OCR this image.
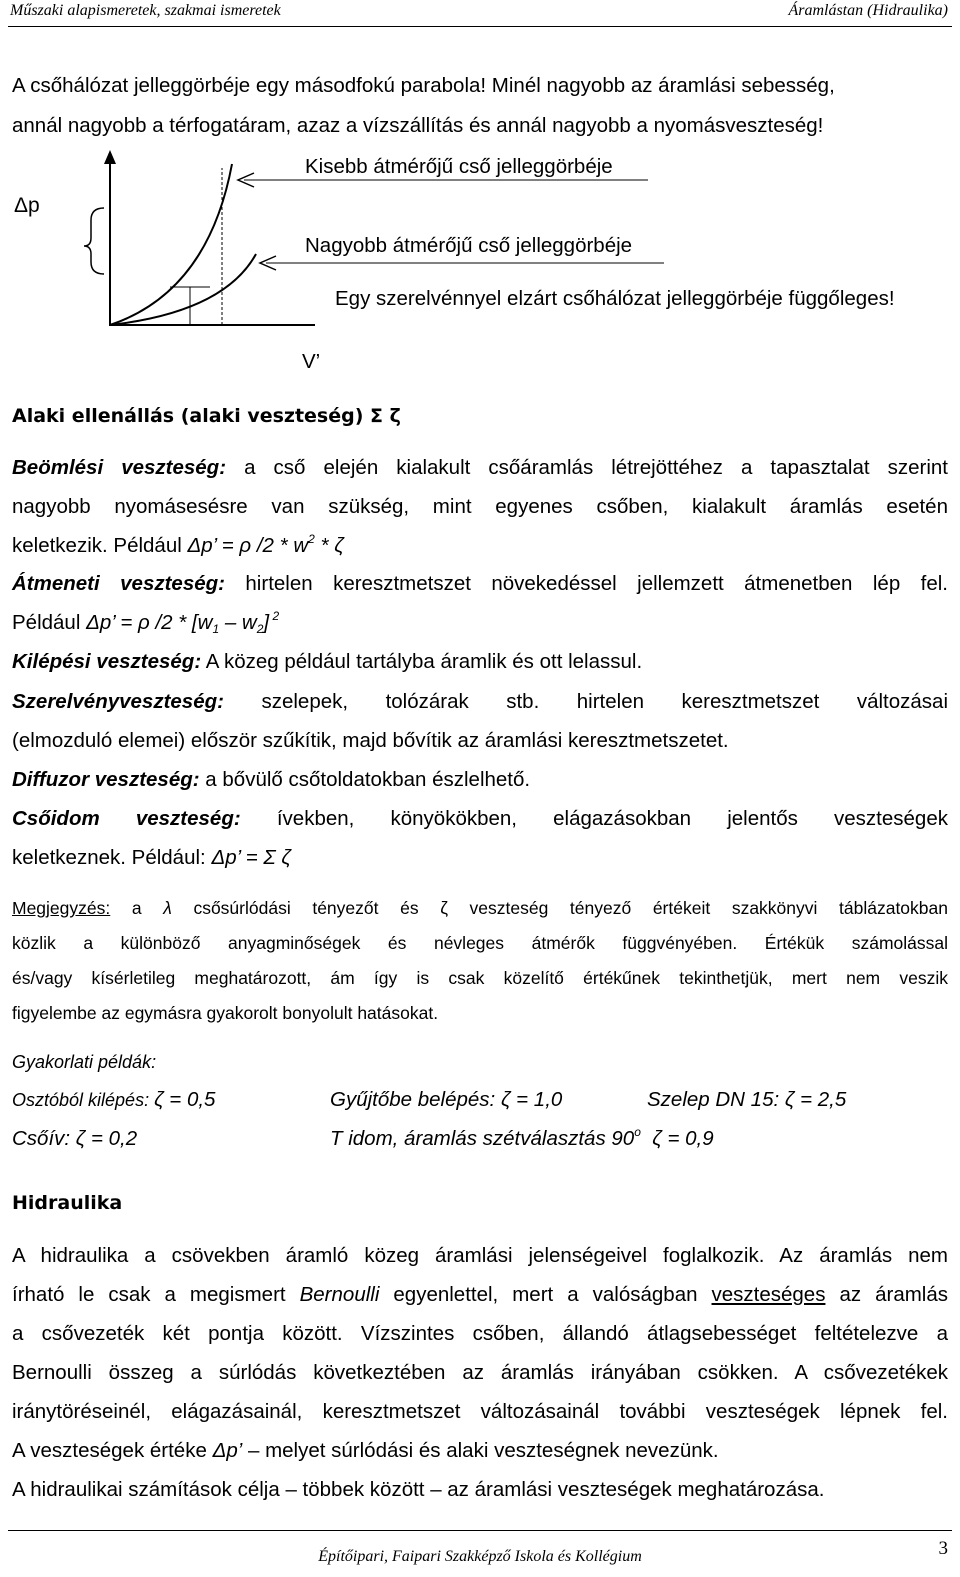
Műszaki alapismeretek, szakmai ismeretek	Áramlástan (Hidraulika)
A csőhálózat jelleggörbéje egy másodfokú parabola! Minél nagyobb az áramlási sebesség,
annál nagyobb a térfogatáram, azaz a vízszállítás és annál nagyobb a nyomásveszteség!
Δp
Kisebb átmérőjű cső jelleggörbéje
Nagyobb átmérőjű cső jelleggörbéje
Egy szerelvénnyel elzárt csőhálózat jelleggörbéje függőleges!
V’
Alaki ellenállás (alaki veszteség) Σ ζ
Beömlési veszteség: a cső elején kialakult csőáramlás létrejöttéhez a tapasztalat szerint
nagyobb nyomásesésre van szükség, mint egyenes csőben, kialakult áramlás esetén
keletkezik. Például Δp’ = ρ $/2 * w^2$ * ζ
Átmeneti veszteség: hirtelen keresztmetszet növekedéssel jellemzett átmenetben lép fel.
Például Δp’ = ρ $/2 * [w_1 - w_2]$ $^2$
Kilépési veszteség: A közeg például tartályba áramlik és ott lelassul.
Szerelvényveszteség: szelepek, tolózárak stb. hirtelen keresztmetszet változásai
(elmozduló elemei) először szűkítik, majd bővítik az áramlási keresztmetszetet.
Diffuzor veszteség: a bővülő csőtoldatokban észlelhető.
Csőidom veszteség: ívekben, könyökökben, elágazásokban jelentős veszteségek
keletkeznek. Például: Δp’ = Σ ζ
Megjegyzés: a λ csősúrlódási tényezőt és ζ veszteség tényező értékeit szakkönyvi táblázatokban
közlik a különböző anyagminőségek és névleges átmérők függvényében. Értékük számolással
és/vagy kísérletileg meghatározott, ám így is csak közelítő értékűnek tekinthetjük, mert nem veszik
figyelembe az egymásra gyakorolt bonyolult hatásokat.
Gyakorlati példák:
Osztóból kilépés: ζ = 0,5	Gyűjtőbe belépés: ζ = 1,0	Szelep DN 15: ζ = 2,5
Csőív: ζ = 0,2	T idom, áramlás szétválasztás 90$^o$  ζ = 0,9
Hidraulika
A hidraulika a csövekben áramló közeg áramlási jelenségeivel foglalkozik. Az áramlás nem
írható le csak a megismert Bernoulli egyenlettel, mert a valóságban veszteséges az áramlás
a csővezeték két pontja között. Vízszintes csőben, állandó átlagsebességet feltételezve a
Bernoulli összeg a súrlódás következtében az áramlás irányában csökken. A csővezetékek
iránytöréseinél, elágazásainál, keresztmetszet változásainál további veszteségek lépnek fel.
A veszteségek értéke Δp’ – melyet súrlódási és alaki veszteségnek nevezünk.
A hidraulikai számítások célja – többek között – az áramlási veszteségek meghatározása.
Építőipari, Faipari Szakképző Iskola és Kollégium	3
